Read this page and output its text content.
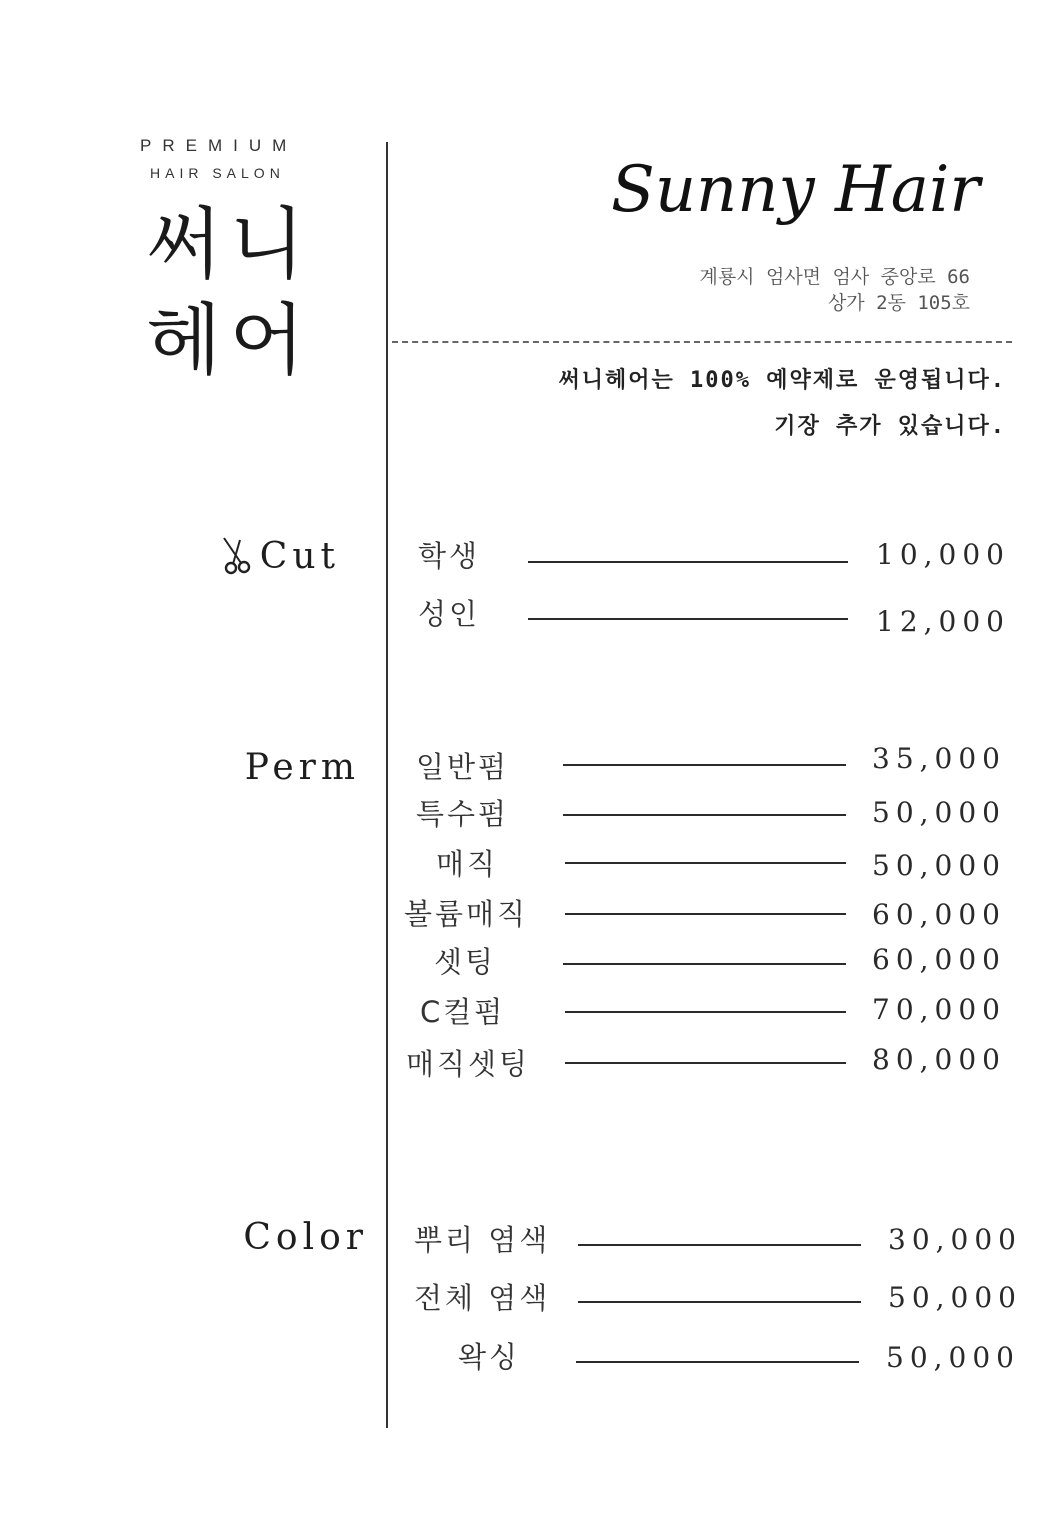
PREMIUM
HAIR SALON
써니
헤어
Sunny Hair
계룡시 엄사면 엄사 중앙로 66
상가 2동 105호
써니헤어는 100% 예약제로 운영됩니다.
기장 추가 있습니다.
Cut
Perm
Color
학생	10,000
성인	12,000
일반펌	35,000
특수펌	50,000
매직	50,000
볼륨매직	60,000
셋팅	60,000
C컬펌	70,000
매직셋팅	80,000
뿌리 염색	30,000
전체 염색	50,000
왁싱	50,000
